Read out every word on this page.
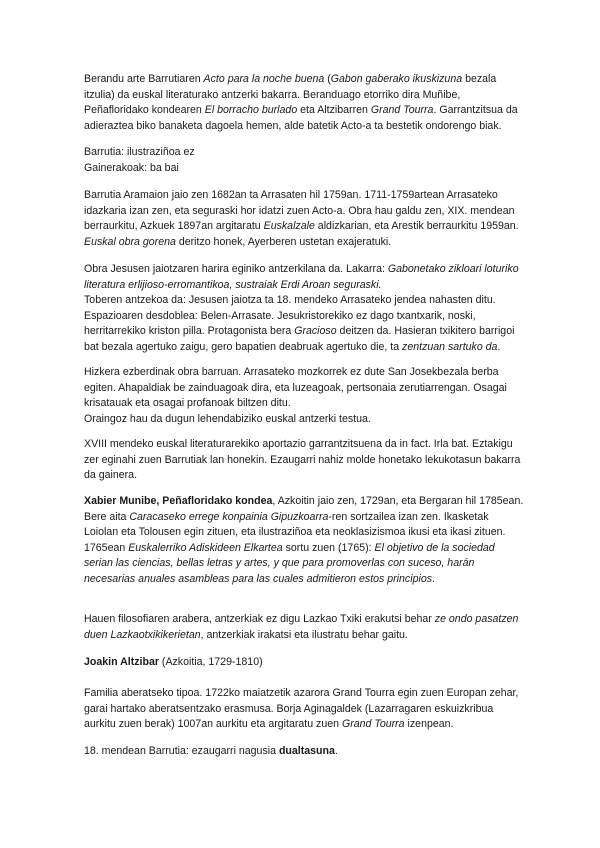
Berandu arte Barrutiaren Acto para la noche buena (Gabon gaberako ikuskizuna bezala itzulia) da euskal literaturako antzerki bakarra. Beranduago etorriko dira Muñibe, Peñafloridako kondearen El borracho burlado eta Altzibarren Grand Tourra. Garrantzitsua da adieraztea biko banaketa dagoela hemen, alde batetik Acto-a ta bestetik ondorengo biak.

Barrutia: ilustraziñoa ez

Gainerakoak: ba bai

Barrutia Aramaion jaio zen 1682an ta Arrasaten hil 1759an. 1711-1759artean Arrasateko idazkaria izan zen, eta seguraski hor idatzi zuen Acto-a. Obra hau galdu zen, XIX. mendean berraurkitu, Azkuek 1897an argitaratu Euskalzale aldizkarian, eta Arestik berraurkitu 1959an. Euskal obra gorena deritzo honek, Ayerberen ustetan exajeratuki.

Obra Jesusen jaiotzaren harira eginiko antzerkilana da. Lakarra: Gabonetako zikloari loturiko literatura erlijioso-erromantikoa, sustraiak Erdi Aroan seguraski.

Toberen antzekoa da: Jesusen jaiotza ta 18. mendeko Arrasateko jendea nahasten ditu.

Espazioaren desdoblea: Belen-Arrasate. Jesukristorekiko ez dago txantxarik, noski, herritarrekiko kriston pilla. Protagonista bera Gracioso deitzen da. Hasieran txikitero barrigoi bat bezala agertuko zaigu, gero bapatien deabruak agertuko die, ta zentzuan sartuko da.

Hizkera ezberdinak obra barruan. Arrasateko mozkorrek ez dute San Josekbezala berba egiten. Ahapaldiak be zainduagoak dira, eta luzeagoak, pertsonaia zerutiarrengan. Osagai krisatauak eta osagai profanoak biltzen ditu.

Oraingoz hau da dugun lehendabiziko euskal antzerki testua.

XVIII mendeko euskal literaturarekiko aportazio garrantzitsuena da in fact. Irla bat. Eztakigu zer eginahi zuen Barrutiak lan honekin. Ezaugarri nahiz molde honetako lekukotasun bakarra da gainera.

Xabier Munibe, Peñafloridako kondea, Azkoitin jaio zen, 1729an, eta Bergaran hil 1785ean.

Bere aita Caracaseko errege konpainia Gipuzkoarra-ren sortzailea izan zen. Ikasketak Loiolan eta Tolousen egin zituen, eta ilustraziñoa eta neoklasizismoa ikusi eta ikasi zituen. 1765ean Euskalerriko Adiskideen Elkartea sortu zuen (1765): El objetivo de la sociedad serian las ciencias, bellas letras y artes, y que para promoverlas con suceso, harán necesarias anuales asambleas para las cuales admitieron estos principios.

Hauen filosofiaren arabera, antzerkiak ez digu Lazkao Txiki erakutsi behar ze ondo pasatzen duen Lazkaotxikikerietan, antzerkiak irakatsi eta ilustratu behar gaitu.

Joakin Altzibar (Azkoitia, 1729-1810)

Familia aberatseko tipoa. 1722ko maiatzetik azarora Grand Tourra egin zuen Europan zehar, garai hartako aberatsentzako erasmusa. Borja Aginagaldek (Lazarragaren eskuizkribua aurkitu zuen berak) 1007an aurkitu eta argitaratu zuen Grand Tourra izenpean.

18. mendean Barrutia: ezaugarri nagusia dualtasuna.
